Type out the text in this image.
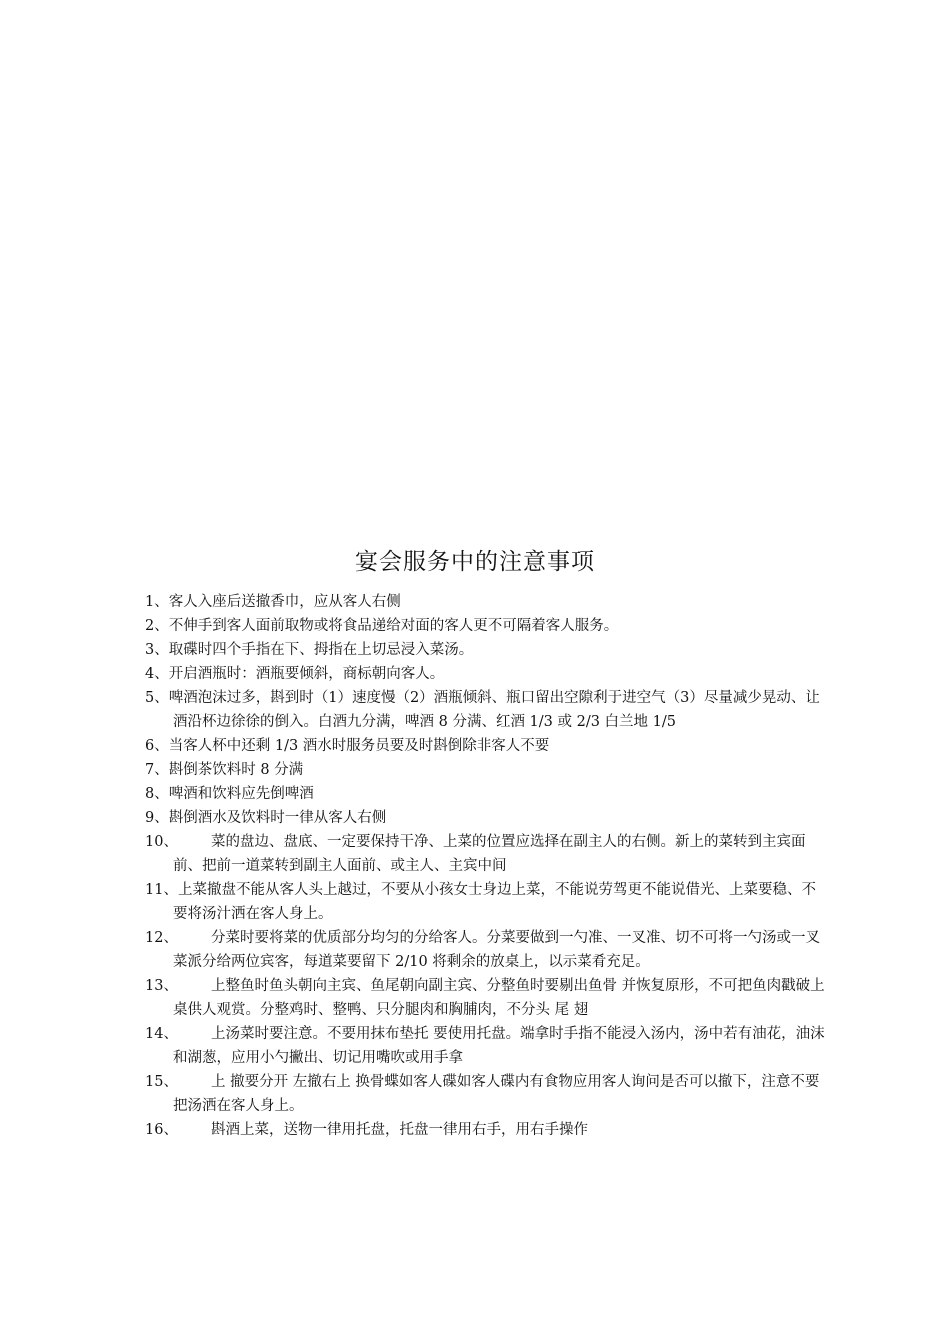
宴会服务中的注意事项
1、客人入座后送撤香巾，应从客人右侧
2、不伸手到客人面前取物或将食品递给对面的客人更不可隔着客人服务。
3、取碟时四个手指在下、拇指在上切忌浸入菜汤。
4、开启酒瓶时：酒瓶要倾斜，商标朝向客人。
5、啤酒泡沫过多，斟到时（1）速度慢（2）酒瓶倾斜、瓶口留出空隙利于进空气（3）尽量减少晃动、让酒沿杯边徐徐的倒入。白酒九分满，啤酒 8 分满、红酒 1/3 或 2/3 白兰地 1/5
6、当客人杯中还剩 1/3 酒水时服务员要及时斟倒除非客人不要
7、斟倒茶饮料时 8 分满
8、啤酒和饮料应先倒啤酒
9、斟倒酒水及饮料时一律从客人右侧
10、 菜的盘边、盘底、一定要保持干净、上菜的位置应选择在副主人的右侧。新上的菜转到主宾面前、把前一道菜转到副主人面前、或主人、主宾中间
11、上菜撤盘不能从客人头上越过，不要从小孩女士身边上菜，不能说劳驾更不能说借光、上菜要稳、不要将汤汁洒在客人身上。
12、 分菜时要将菜的优质部分均匀的分给客人。分菜要做到一勺准、一叉准、切不可将一勺汤或一叉菜派分给两位宾客，每道菜要留下 2/10 将剩余的放桌上，以示菜肴充足。
13、 上整鱼时鱼头朝向主宾、鱼尾朝向副主宾、分整鱼时要剔出鱼骨 并恢复原形，不可把鱼肉戳破上桌供人观赏。分整鸡时、整鸭、只分腿肉和胸脯肉，不分头 尾 翅
14、 上汤菜时要注意。不要用抹布垫托 要使用托盘。端拿时手指不能浸入汤内，汤中若有油花，油沫和湖葱，应用小勺撇出、切记用嘴吹或用手拿
15、 上 撤要分开 左撤右上 换骨蝶如客人碟如客人碟内有食物应用客人询问是否可以撤下，注意不要把汤洒在客人身上。
16、 斟酒上菜，送物一律用托盘，托盘一律用右手，用右手操作
